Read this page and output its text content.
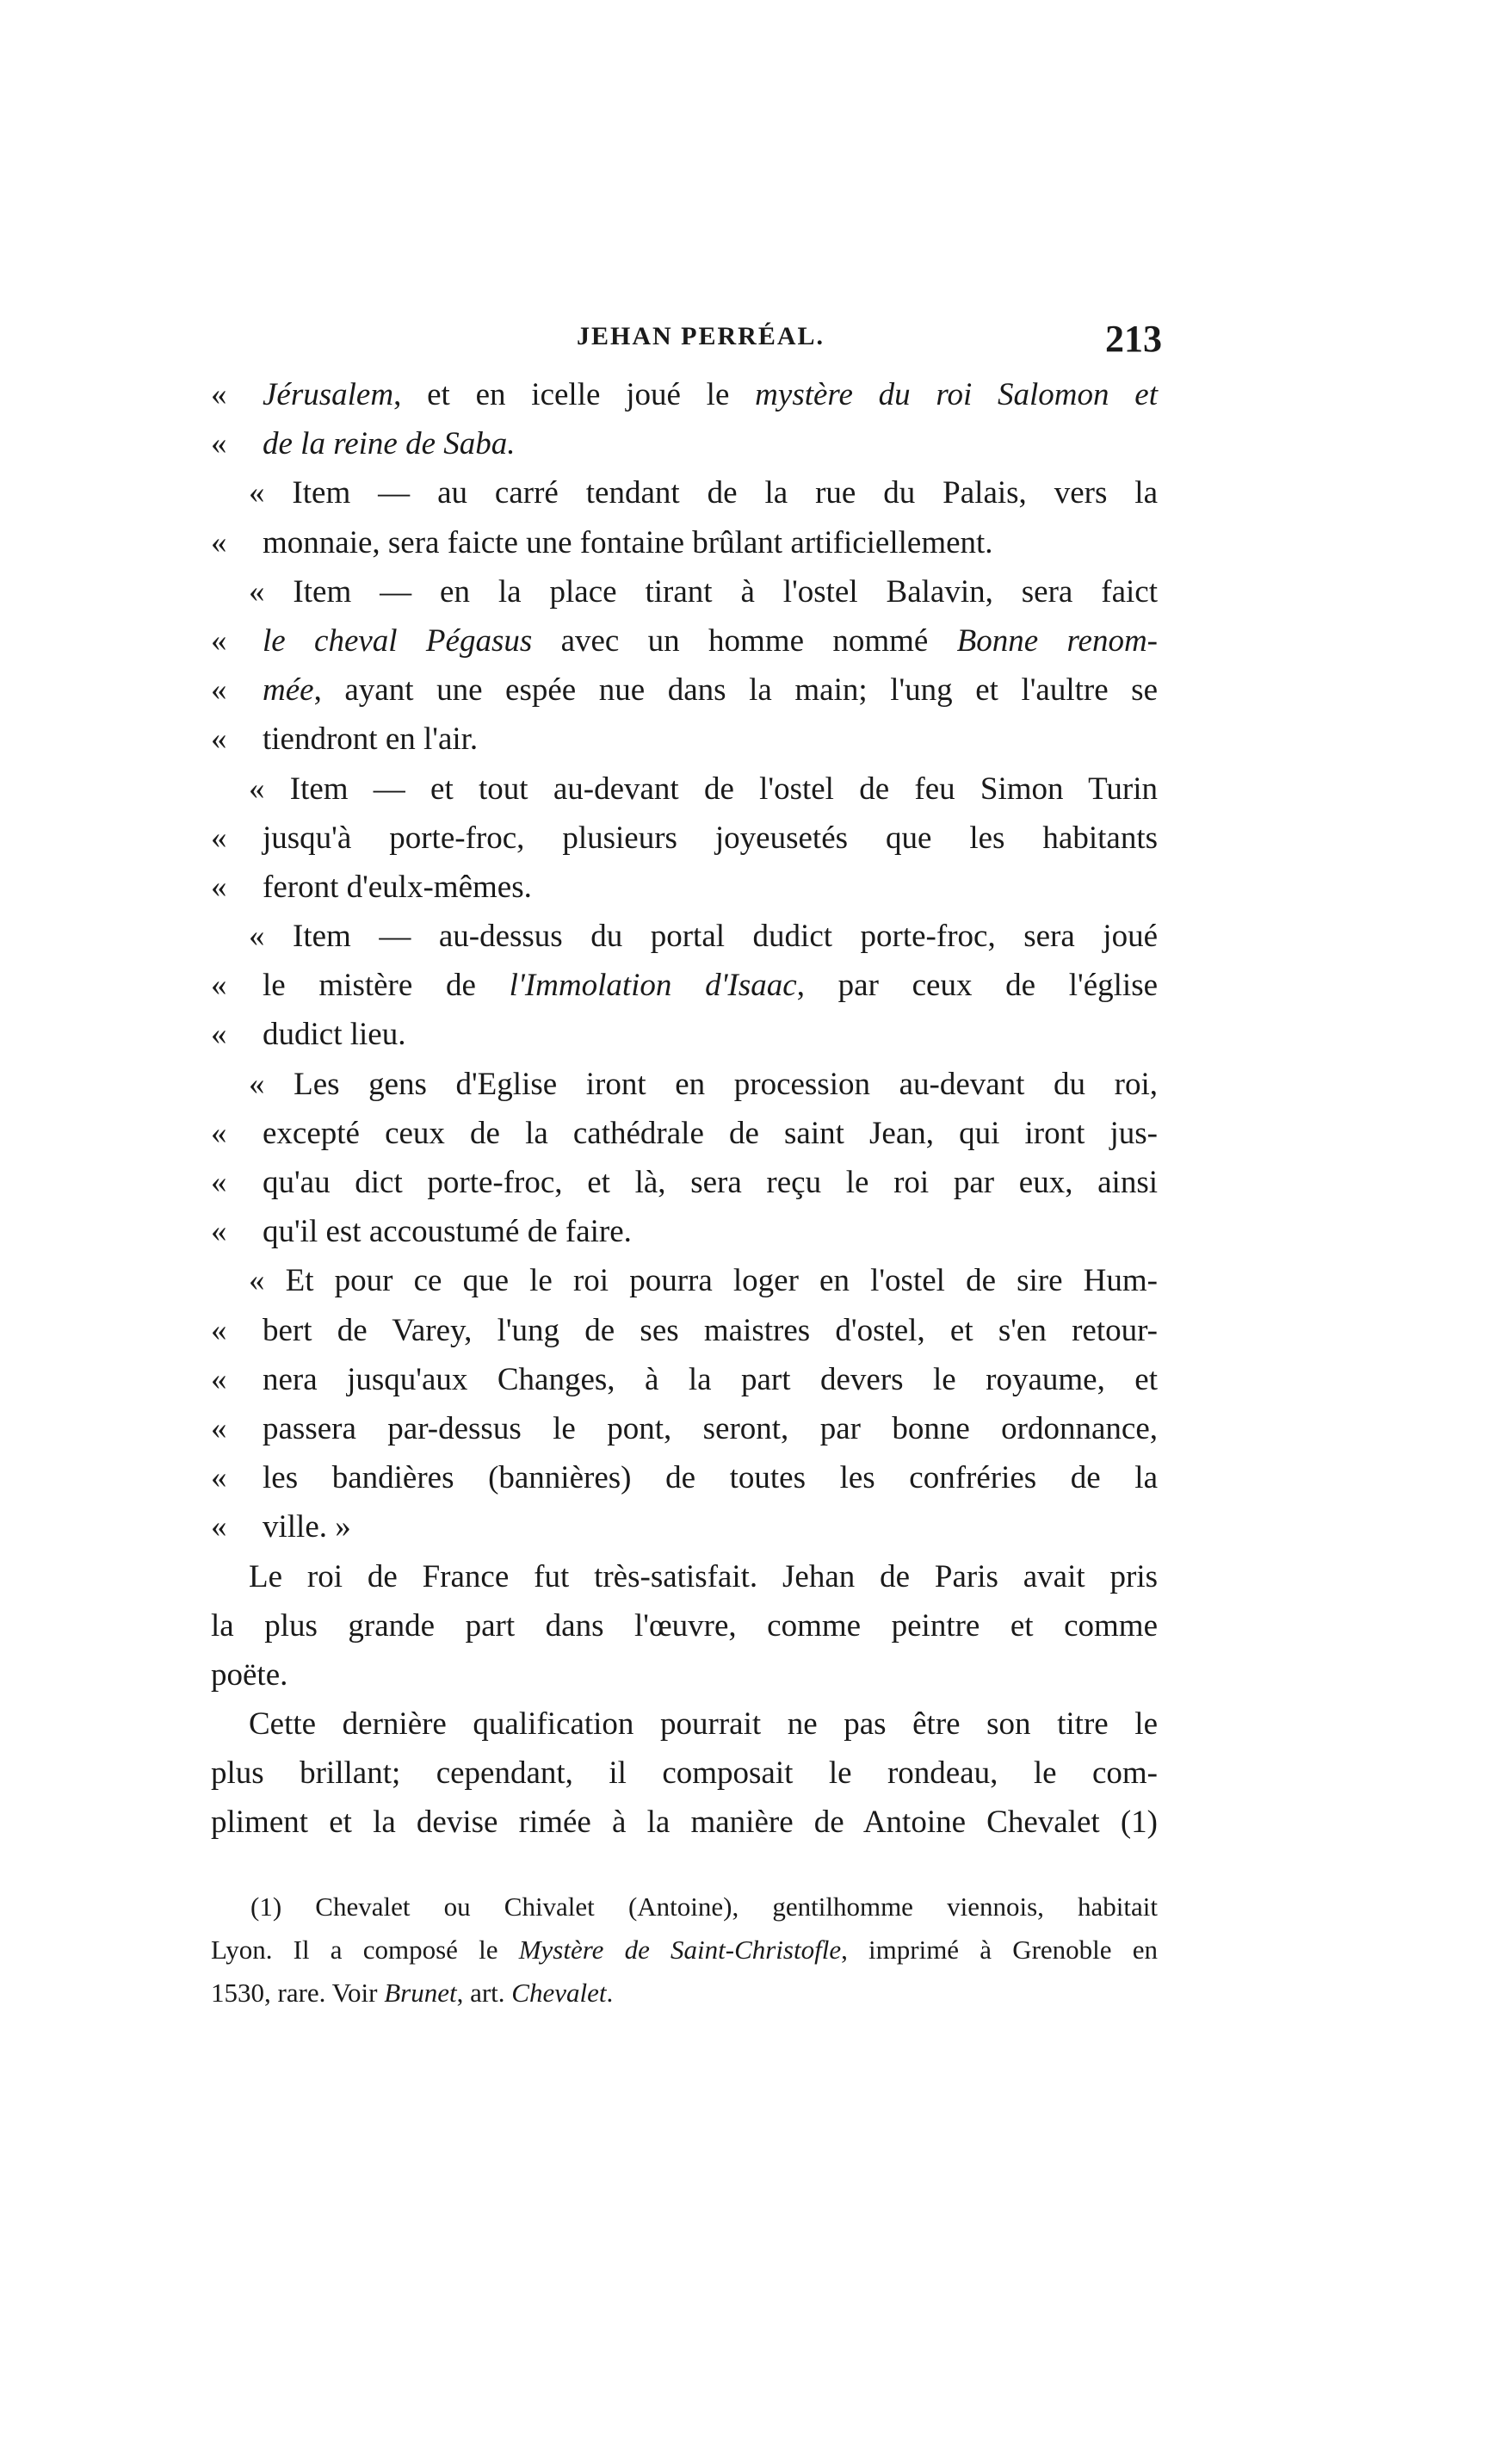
JEHAN PERRÉAL.	213
«	Jérusalem, et en icelle joué le mystère du roi Salomon et
«	de la reine de Saba.
« Item — au carré tendant de la rue du Palais, vers la
«	monnaie, sera faicte une fontaine brûlant artificiellement.
« Item — en la place tirant à l'ostel Balavin, sera faict
«	le cheval Pégasus avec un homme nommé Bonne renom-
«	mée, ayant une espée nue dans la main; l'ung et l'aultre se
«	tiendront en l'air.
« Item — et tout au-devant de l'ostel de feu Simon Turin
«	jusqu'à porte-froc, plusieurs joyeusetés que les habitants
«	feront d'eulx-mêmes.
« Item — au-dessus du portal dudict porte-froc, sera joué
«	le mistère de l'Immolation d'Isaac, par ceux de l'église
«	dudict lieu.
« Les gens d'Eglise iront en procession au-devant du roi,
«	excepté ceux de la cathédrale de saint Jean, qui iront jus-
«	qu'au dict porte-froc, et là, sera reçu le roi par eux, ainsi
«	qu'il est accoustumé de faire.
« Et pour ce que le roi pourra loger en l'ostel de sire Hum-
«	bert de Varey, l'ung de ses maistres d'ostel, et s'en retour-
«	nera jusqu'aux Changes, à la part devers le royaume, et
«	passera par-dessus le pont, seront, par bonne ordonnance,
«	les bandières (bannières) de toutes les confréries de la
«	ville. »
Le roi de France fut très-satisfait. Jehan de Paris avait pris
la plus grande part dans l'œuvre, comme peintre et comme
poëte.
Cette dernière qualification pourrait ne pas être son titre le
plus brillant; cependant, il composait le rondeau, le com-
pliment et la devise rimée à la manière de Antoine Chevalet (1)
(1) Chevalet ou Chivalet (Antoine), gentilhomme viennois, habitait
Lyon. Il a composé le Mystère de Saint-Christofle, imprimé à Grenoble en
1530, rare. Voir Brunet, art. Chevalet.
